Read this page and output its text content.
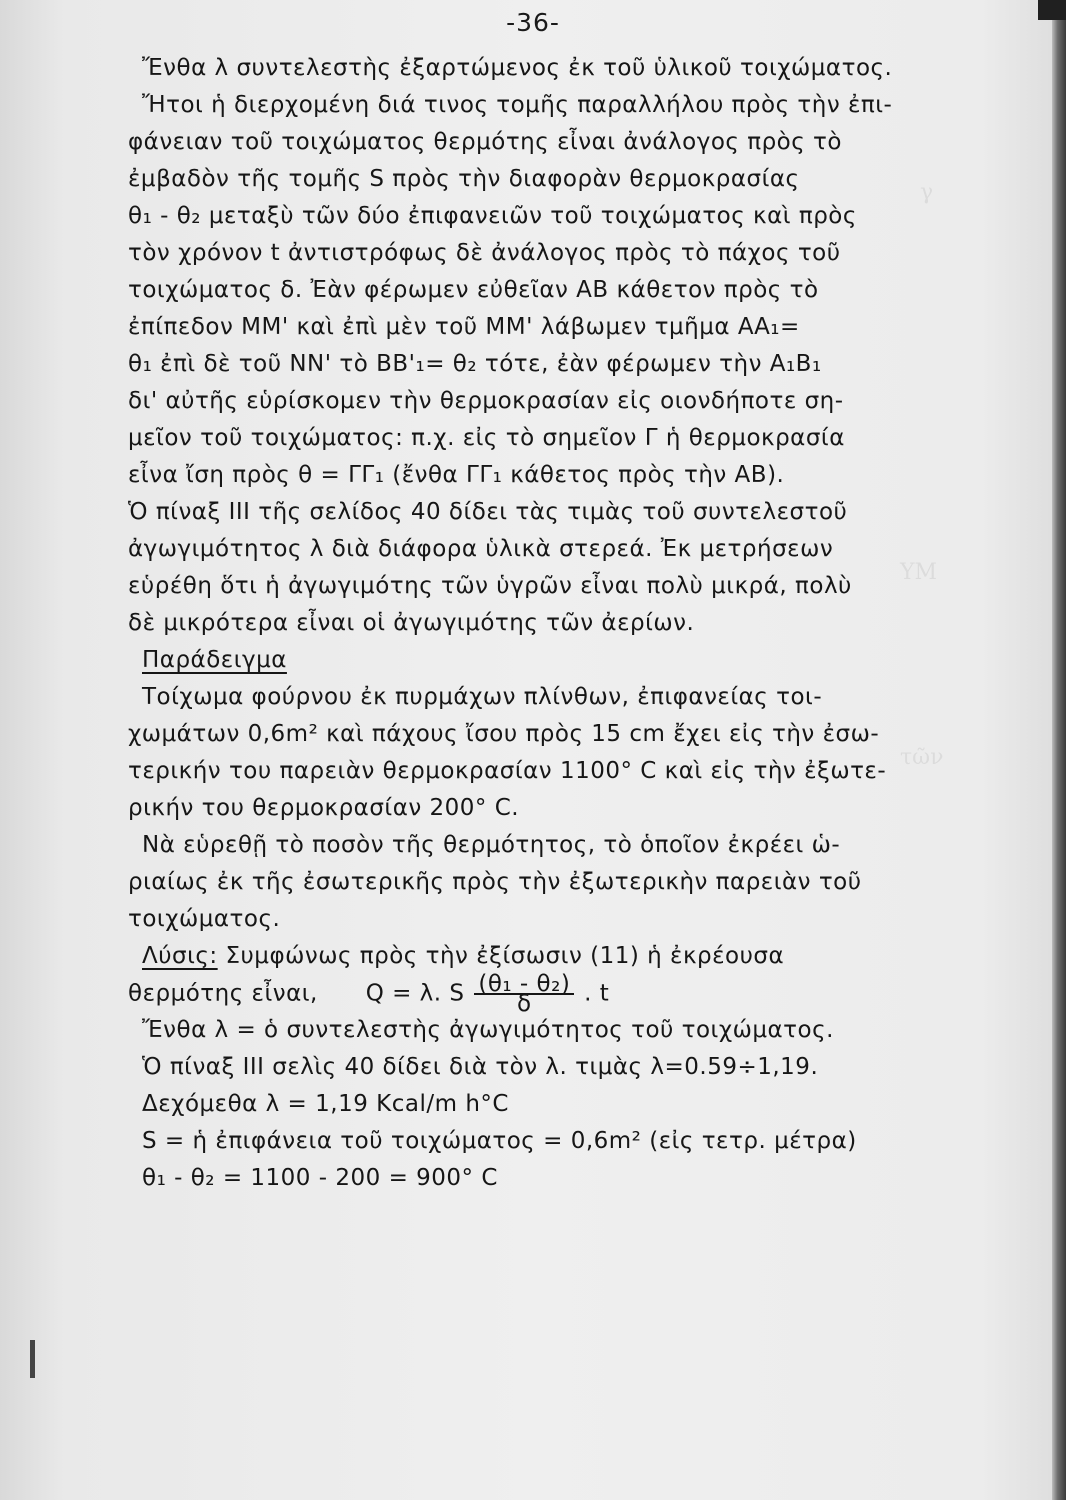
γ
ΥΜ
τῶν
-36-
Ἔνθα λ συντελεστὴς ἐξαρτώμενος ἐκ τοῦ ὑλικοῦ τοιχώματος.
Ἤτοι ἡ διερχομένη διά τινος τομῆς παραλλήλου πρὸς τὴν ἐπι-
φάνειαν τοῦ τοιχώματος θερμότης εἶναι ἀνάλογος πρὸς τὸ
ἐμβαδὸν τῆς τομῆς S πρὸς τὴν διαφορὰν θερμοκρασίας
θ₁ - θ₂ μεταξὺ τῶν δύο ἐπιφανειῶν τοῦ τοιχώματος καὶ πρὸς
τὸν χρόνον t ἀντιστρόφως δὲ ἀνάλογος πρὸς τὸ πάχος τοῦ
τοιχώματος δ. Ἐὰν φέρωμεν εὐθεῖαν ΑΒ κάθετον πρὸς τὸ
ἐπίπεδον ΜΜ' καὶ ἐπὶ μὲν τοῦ ΜΜ' λάβωμεν τμῆμα ΑΑ₁=
θ₁ ἐπὶ δὲ τοῦ ΝΝ' τὸ ΒΒ'₁= θ₂ τότε, ἐὰν φέρωμεν τὴν Α₁Β₁
δι' αὐτῆς εὑρίσκομεν τὴν θερμοκρασίαν εἰς οιονδήποτε ση-
μεῖον τοῦ τοιχώματος: π.χ. εἰς τὸ σημεῖον Γ ἡ θερμοκρασία
εἶνα ἴση πρὸς θ = ΓΓ₁ (ἔνθα ΓΓ₁ κάθετος πρὸς τὴν ΑΒ).
Ὁ πίναξ III τῆς σελίδος 40 δίδει τὰς τιμὰς τοῦ συντελεστοῦ
ἀγωγιμότητος λ διὰ διάφορα ὑλικὰ στερεά. Ἐκ μετρήσεων
εὑρέθη ὅτι ἡ ἀγωγιμότης τῶν ὑγρῶν εἶναι πολὺ μικρά, πολὺ
δὲ μικρότερα εἶναι οἱ ἀγωγιμότης τῶν ἀερίων.
Παράδειγμα
Τοίχωμα φούρνου ἐκ πυρμάχων πλίνθων, ἐπιφανείας τοι-
χωμάτων 0,6m² καὶ πάχους ἴσου πρὸς 15 cm ἔχει εἰς τὴν ἐσω-
τερικήν του παρειὰν θερμοκρασίαν 1100° C καὶ εἰς τὴν ἐξωτε-
ρικήν του θερμοκρασίαν 200° C.
Νὰ εὑρεθῇ τὸ ποσὸν τῆς θερμότητος, τὸ ὁποῖον ἐκρέει ὡ-
ριαίως ἐκ τῆς ἐσωτερικῆς πρὸς τὴν ἐξωτερικὴν παρειὰν τοῦ
τοιχώματος.
Λύσις: Συμφώνως πρὸς τὴν ἐξίσωσιν (11) ἡ ἐκρέουσα
θερμότης εἶναι, Q = λ. S $\frac{\text{(θ₁ - θ₂)}}{\delta}$ . t
Ἔνθα λ = ὁ συντελεστὴς ἀγωγιμότητος τοῦ τοιχώματος.
Ὁ πίναξ III σελὶς 40 δίδει διὰ τὸν λ. τιμὰς λ=0.59÷1,19.
Δεχόμεθα λ = 1,19 Kcal/m h°C
S = ἡ ἐπιφάνεια τοῦ τοιχώματος = 0,6m² (εἰς τετρ. μέτρα)
θ₁ - θ₂ = 1100 - 200 = 900° C
